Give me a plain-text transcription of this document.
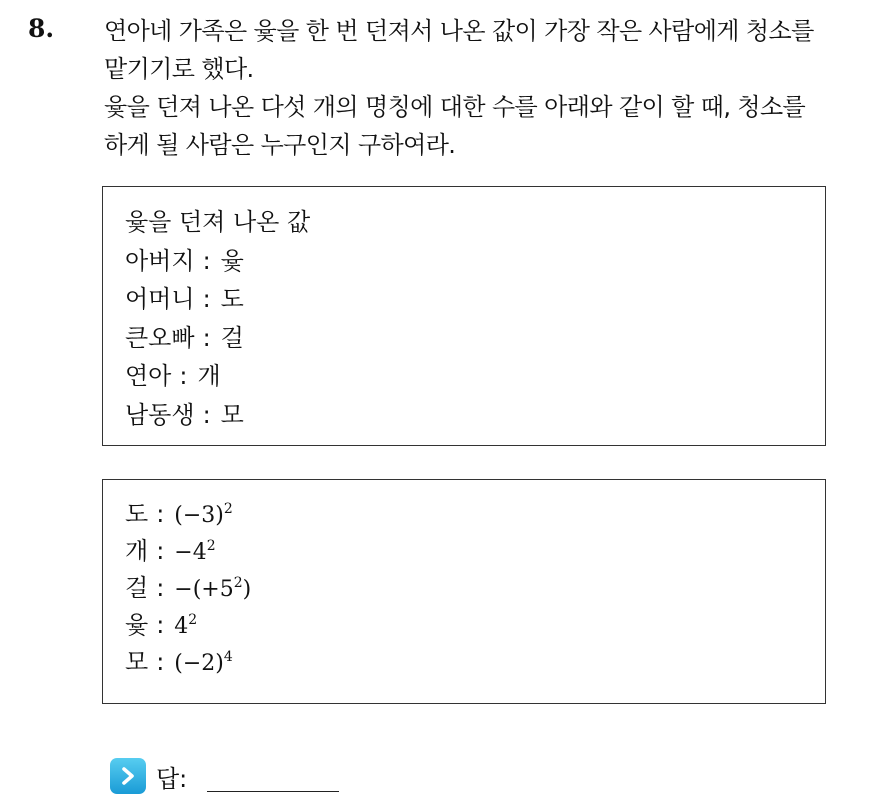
8. 연아네 가족은 윷을 한 번 던져서 나온 값이 가장 작은 사람에게 청소를

맡기기로 했다.

윷을 던져 나온 다섯 개의 명칭에 대한 수를 아래와 같이 할 때, 청소를

하게 될 사람은 누구인지 구하여라.

윷을 던져 나온 값
아버지 : 윷
어머니 : 도
큰오빠 : 걸
연아 : 개
남동생 : 모
도 : $(-3)^2$
개 : $-4^2$
걸 : $-(+5^2)$
윷 : $4^2$
모 : $(-2)^4$
답:
